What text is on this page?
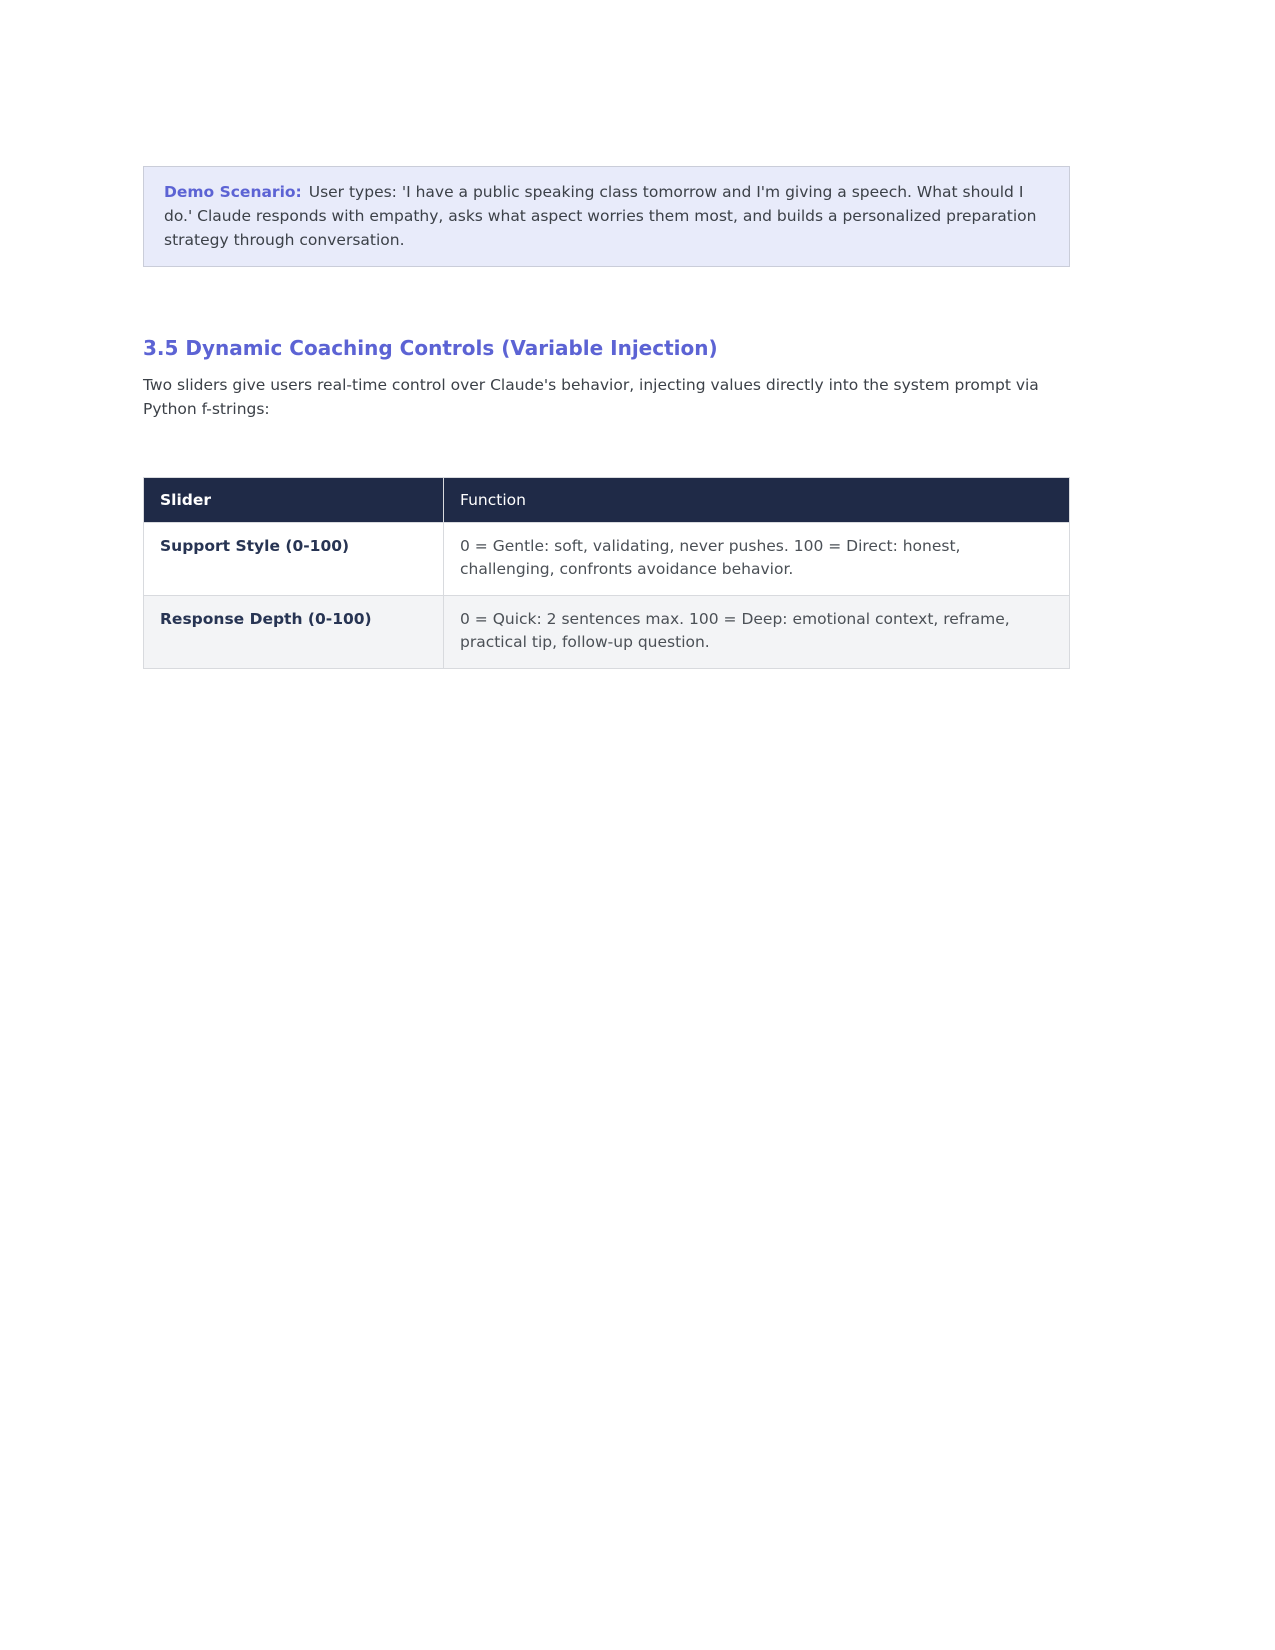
Demo Scenario: User types: 'I have a public speaking class tomorrow and I'm giving a speech. What should I do.' Claude responds with empathy, asks what aspect worries them most, and builds a personalized preparation strategy through conversation.
3.5 Dynamic Coaching Controls (Variable Injection)

Two sliders give users real-time control over Claude's behavior, injecting values directly into the system prompt via Python f-strings:

Slider	Function
Support Style (0-100)	0 = Gentle: soft, validating, never pushes. 100 = Direct: honest, challenging, confronts avoidance behavior.
Response Depth (0-100)	0 = Quick: 2 sentences max. 100 = Deep: emotional context, reframe, practical tip, follow-up question.
